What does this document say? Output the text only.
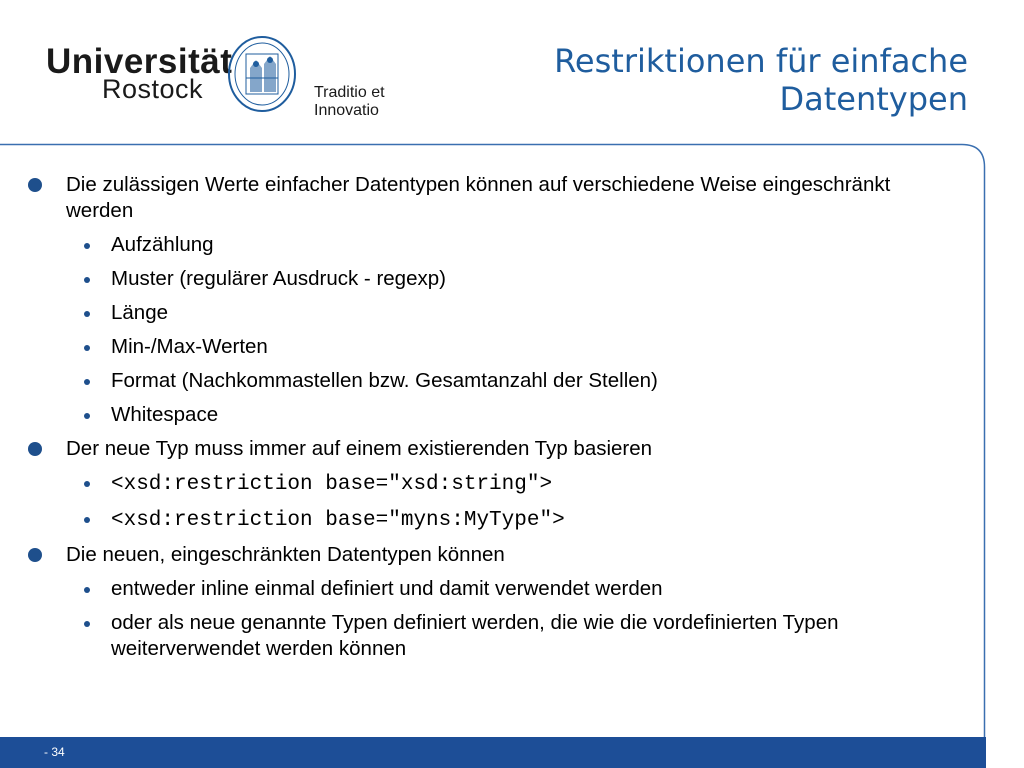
Universität
Rostock	Traditio et Innovatio
Restriktionen für einfache
Datentypen
Die zulässigen Werte einfacher Datentypen können auf verschiedene Weise eingeschränkt werden
Aufzählung
Muster (regulärer Ausdruck - regexp)
Länge
Min-/Max-Werten
Format (Nachkommastellen bzw. Gesamtanzahl der Stellen)
Whitespace
Der neue Typ muss immer auf einem existierenden Typ basieren
<xsd:restriction base="xsd:string">
<xsd:restriction base="myns:MyType">
Die neuen, eingeschränkten Datentypen können
entweder inline einmal definiert und damit verwendet werden
oder als neue genannte Typen definiert werden, die wie die vordefinierten Typen weiterverwendet werden können
- 34
